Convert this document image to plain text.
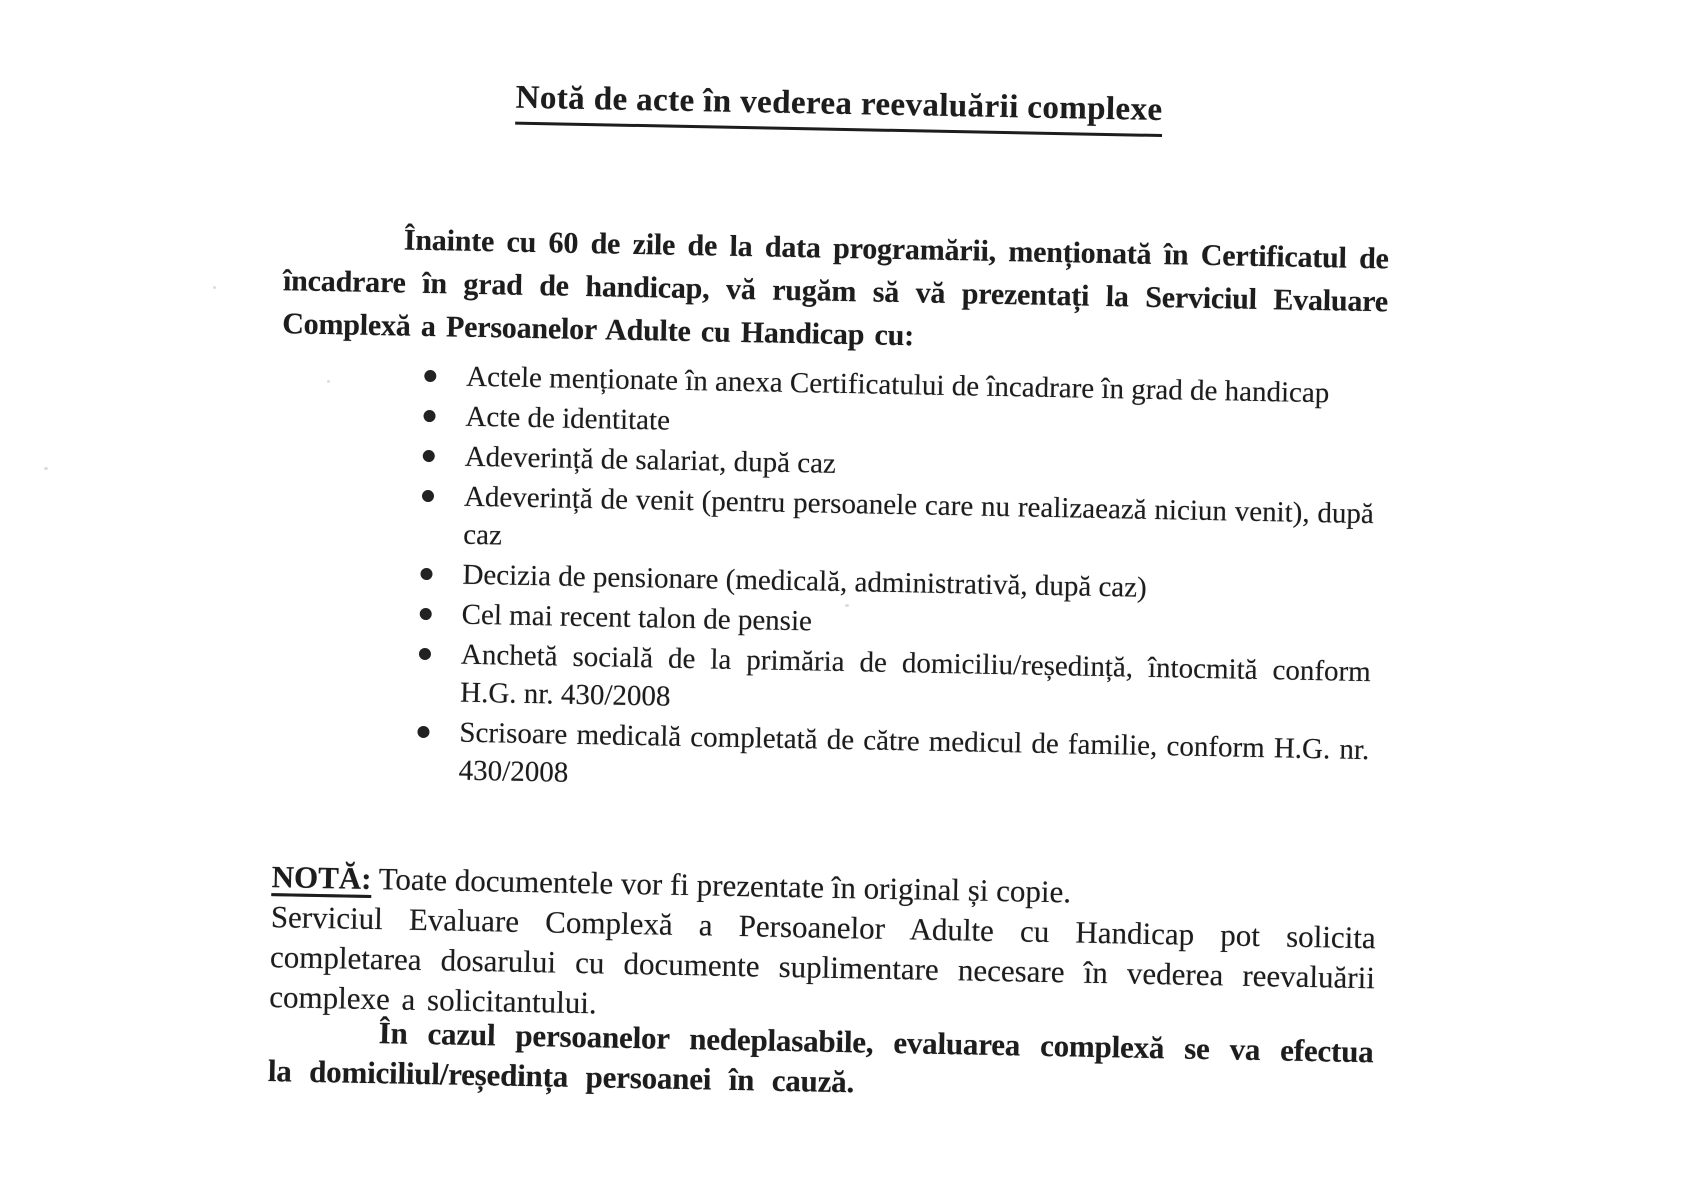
Notă de acte în vederea reevaluării complexe

Înainte cu 60 de zile de la data programării, menționată în Certificatul de încadrare în grad de handicap, vă rugăm să vă prezentați la Serviciul Evaluare Complexă a Persoanelor Adulte cu Handicap cu:

Actele menționate în anexa Certificatului de încadrare în grad de handicap
Acte de identitate
Adeverință de salariat, după caz
Adeverință de venit (pentru persoanele care nu realizaează niciun venit), după caz
Decizia de pensionare (medicală, administrativă, după caz)
Cel mai recent talon de pensie
Anchetă socială de la primăria de domiciliu/reședință, întocmită conform H.G. nr. 430/2008
Scrisoare medicală completată de către medicul de familie, conform H.G. nr. 430/2008

NOTĂ: Toate documentele vor fi prezentate în original și copie.

Serviciul Evaluare Complexă a Persoanelor Adulte cu Handicap pot solicita completarea dosarului cu documente suplimentare necesare în vederea reevaluării complexe a solicitantului.

În cazul persoanelor nedeplasabile, evaluarea complexă se va efectua la domiciliul/reședința persoanei în cauză.
